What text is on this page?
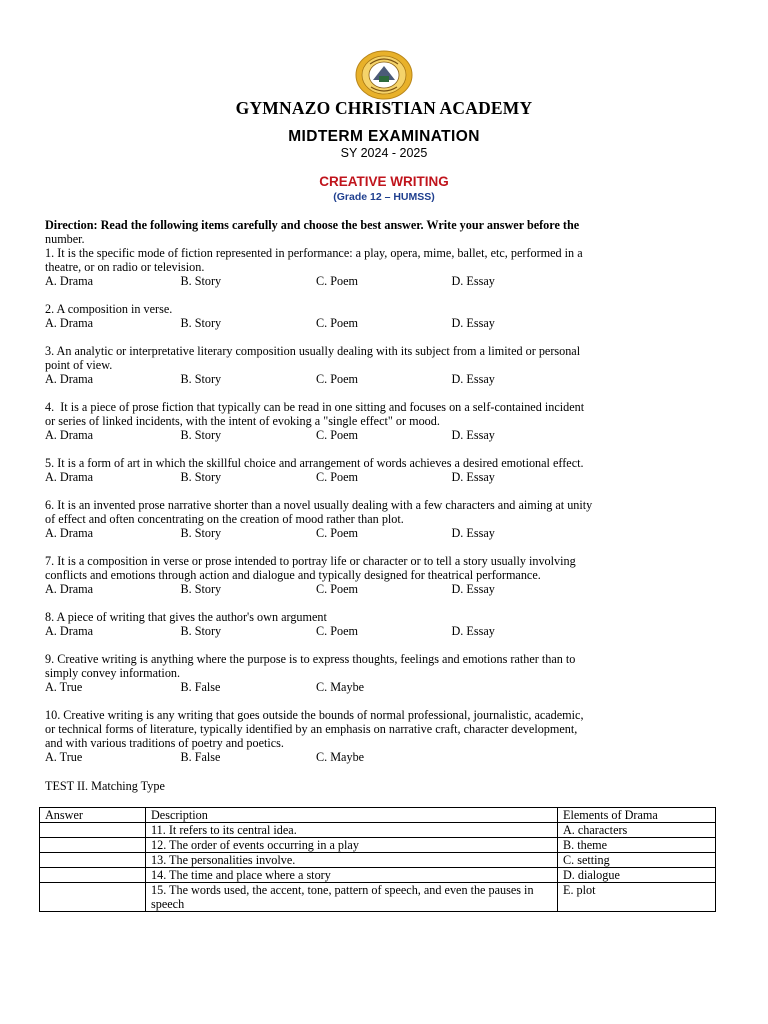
GYMNAZO CHRISTIAN ACADEMY
MIDTERM EXAMINATION
SY 2024 - 2025
CREATIVE WRITING
(Grade 12 – HUMSS)
Direction: Read the following items carefully and choose the best answer. Write your answer before the
number.
1. It is the specific mode of fiction represented in performance: a play, opera, mime, ballet, etc, performed in a
theatre, or on radio or television.
A. Drama	B. Story	C. Poem	D. Essay
2. A composition in verse.
A. Drama	B. Story	C. Poem	D. Essay
3. An analytic or interpretative literary composition usually dealing with its subject from a limited or personal
point of view.
A. Drama	B. Story	C. Poem	D. Essay
4.  It is a piece of prose fiction that typically can be read in one sitting and focuses on a self-contained incident
or series of linked incidents, with the intent of evoking a "single effect" or mood.
A. Drama	B. Story	C. Poem	D. Essay
5. It is a form of art in which the skillful choice and arrangement of words achieves a desired emotional effect.
A. Drama	B. Story	C. Poem	D. Essay
6. It is an invented prose narrative shorter than a novel usually dealing with a few characters and aiming at unity
of effect and often concentrating on the creation of mood rather than plot.
A. Drama	B. Story	C. Poem	D. Essay
7. It is a composition in verse or prose intended to portray life or character or to tell a story usually involving
conflicts and emotions through action and dialogue and typically designed for theatrical performance.
A. Drama	B. Story	C. Poem	D. Essay
8. A piece of writing that gives the author's own argument
A. Drama	B. Story	C. Poem	D. Essay
9. Creative writing is anything where the purpose is to express thoughts, feelings and emotions rather than to
simply convey information.
A. True	B. False	C. Maybe
10. Creative writing is any writing that goes outside the bounds of normal professional, journalistic, academic,
or technical forms of literature, typically identified by an emphasis on narrative craft, character development,
and with various traditions of poetry and poetics.
A. True	B. False	C. Maybe
TEST II. Matching Type
Answer	Description	Elements of Drama
	11. It refers to its central idea.	A. characters
	12. The order of events occurring in a play	B. theme
	13. The personalities involve.	C. setting
	14. The time and place where a story	D. dialogue
	15. The words used, the accent, tone, pattern of speech, and even the pauses in speech	E. plot
